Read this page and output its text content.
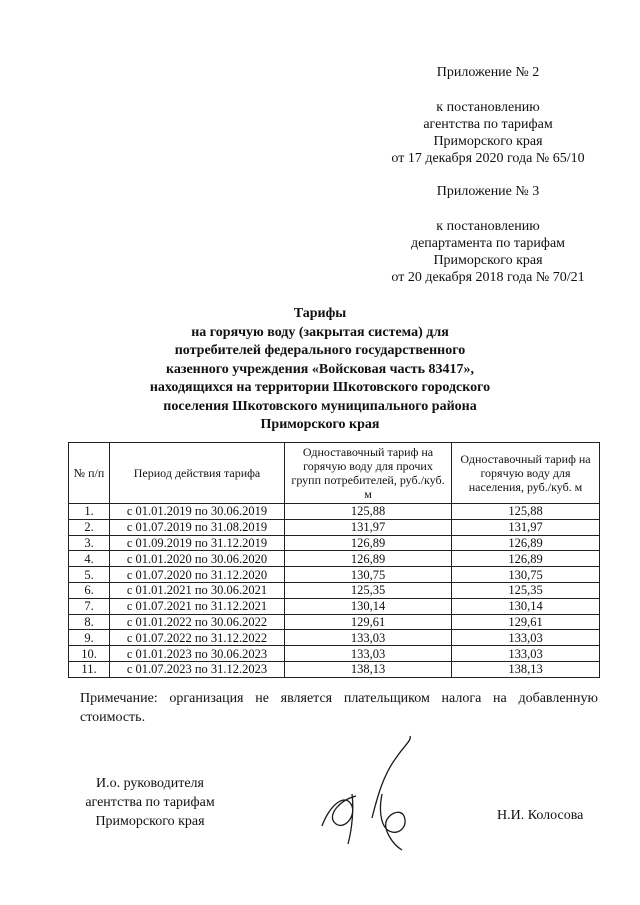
Приложение № 2
к постановлению
агентства по тарифам
Приморского края
от 17 декабря 2020 года № 65/10
Приложение № 3
к постановлению
департамента по тарифам
Приморского края
от 20 декабря 2018 года № 70/21
Тарифы
на горячую воду (закрытая система) для
потребителей федерального государственного
казенного учреждения «Войсковая часть 83417»,
находящихся на территории Шкотовского городского
поселения Шкотовского муниципального района
Приморского края
№ п/п	Период действия тарифа	Одноставочный тариф на горячую воду для прочих групп потребителей, руб./куб. м	Одноставочный тариф на горячую воду для населения, руб./куб. м
1.	с 01.01.2019 по 30.06.2019	125,88	125,88
2.	с 01.07.2019 по 31.08.2019	131,97	131,97
3.	с 01.09.2019 по 31.12.2019	126,89	126,89
4.	с 01.01.2020 по 30.06.2020	126,89	126,89
5.	с 01.07.2020 по 31.12.2020	130,75	130,75
6.	с 01.01.2021 по 30.06.2021	125,35	125,35
7.	с 01.07.2021 по 31.12.2021	130,14	130,14
8.	с 01.01.2022 по 30.06.2022	129,61	129,61
9.	с 01.07.2022 по 31.12.2022	133,03	133,03
10.	с 01.01.2023 по 30.06.2023	133,03	133,03
11.	с 01.07.2023 по 31.12.2023	138,13	138,13
Примечание: организация не является плательщиком налога на добавленную стоимость.
И.о. руководителя
агентства по тарифам
Приморского края	Н.И. Колосова
